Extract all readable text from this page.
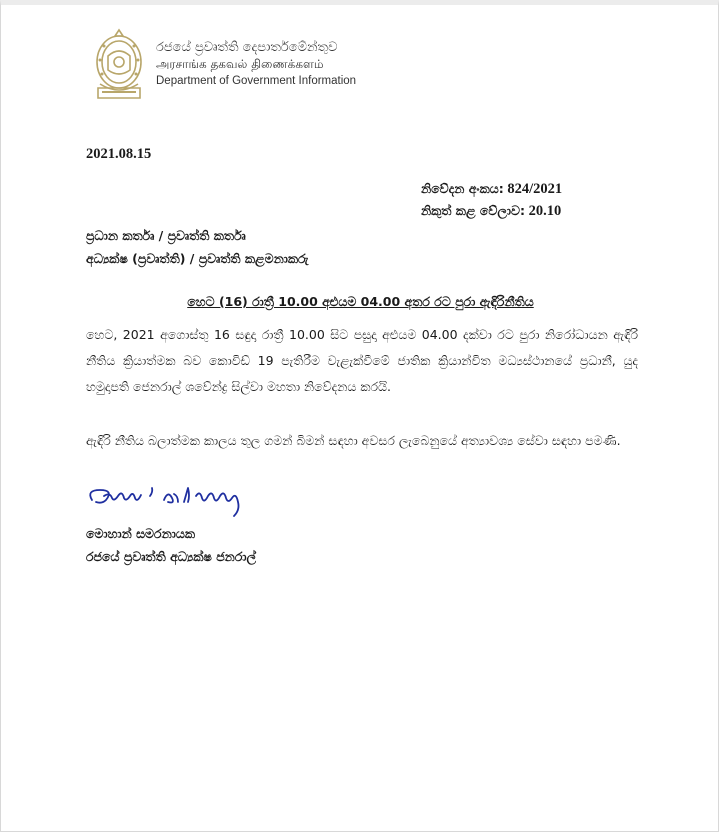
රජයේ ප්‍රවෘත්ති දෙපාර්තමේන්තුව
அரசாங்க தகவல் திணைக்களம்
Department of Government Information
2021.08.15
නිවේදන අංකය: 824/2021
නිකුත් කළ වේලාව: 20.10
ප්‍රධාන කර්තෘ / ප්‍රවෘත්ති කර්තෘ
අධ්‍යක්ෂ (ප්‍රවෘත්ති) / ප්‍රවෘත්ති කළමනාකරු
හෙට (16) රාත්‍රී 10.00 අළුයම 04.00 අතර රට පුරා ඇඳිරිනීතිය
හෙට, 2021 අගොස්තු 16 සඳුදා රාත්‍රී 10.00 සිට පසුදා අළුයම 04.00 දක්වා රට පුරා නිරෝධායන ඇඳිරි නීතිය ක්‍රියාත්මක බව කොවිඩ් 19 පැතිරීම වැළැක්වීමේ ජාතික ක්‍රියාන්විත මධ්‍යස්ථානයේ ප්‍රධානී, යුද හමුදාපති ජෙනරාල් ශවේන්ද්‍ර සිල්වා මහතා නිවේදනය කරයි.
ඇඳිරි නීතිය බලාත්මක කාලය තුල ගමන් බිමන් සඳහා අවසර ලැබෙනුයේ අත්‍යාවශ්‍ය සේවා සඳහා පමණි.
මොහාන් සමරනායක
රජයේ ප්‍රවෘත්ති අධ්‍යක්ෂ ජනරාල්
